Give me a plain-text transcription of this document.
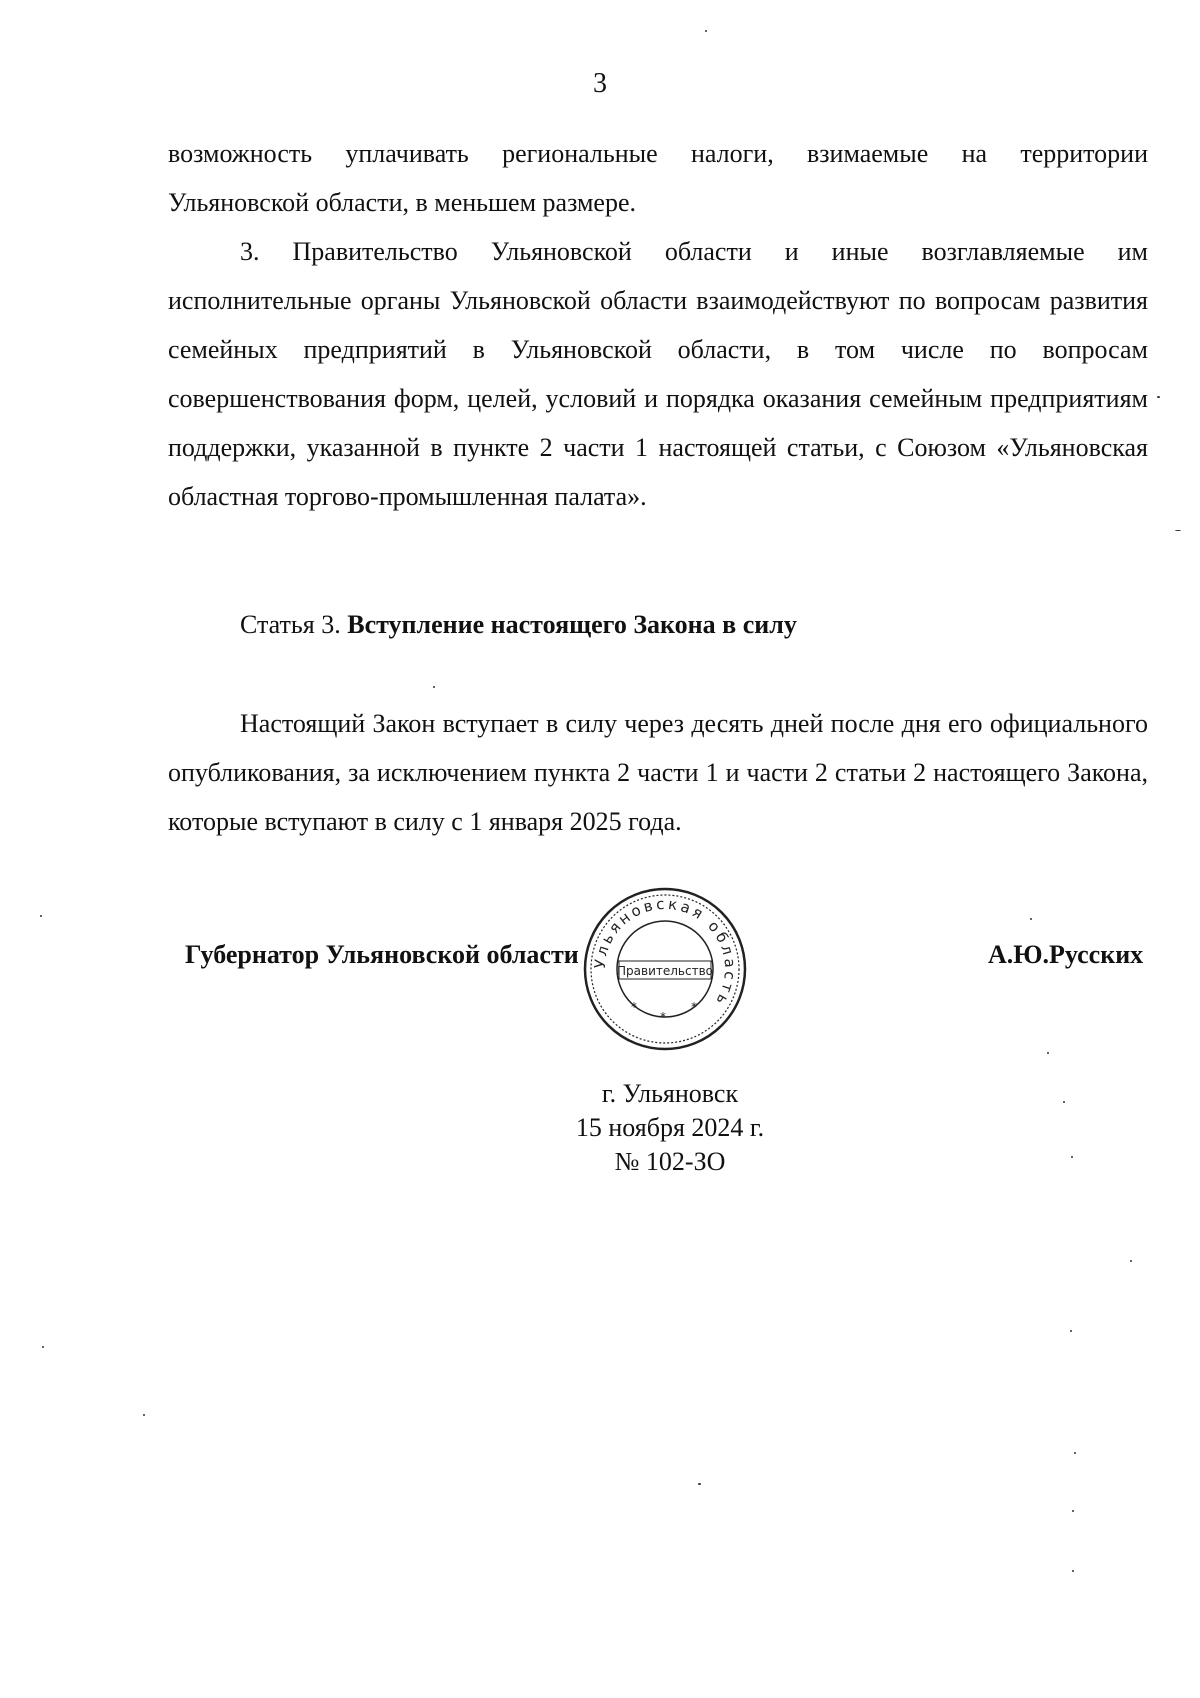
3
возможность уплачивать региональные налоги, взимаемые на территории
Ульяновской области, в меньшем размере.
3. Правительство Ульяновской области и иные возглавляемые им исполнительные органы Ульяновской области взаимодействуют по вопросам развития семейных предприятий в Ульяновской области, в том числе по вопросам совершенствования форм, целей, условий и порядка оказания семейным предприятиям поддержки, указанной в пункте 2 части 1 настоящей статьи, с Союзом «Ульяновская областная торгово-промышленная палата».
Статья 3. Вступление настоящего Закона в силу
Настоящий Закон вступает в силу через десять дней после дня его официального опубликования, за исключением пункта 2 части 1 и части 2 статьи 2 настоящего Закона, которые вступают в силу с 1 января 2025 года.
Губернатор Ульяновской области	А.Ю.Русских
Ульяновская область
Правительство
*
*
*
г. Ульяновск
15 ноября 2024 г.
№ 102-ЗО
